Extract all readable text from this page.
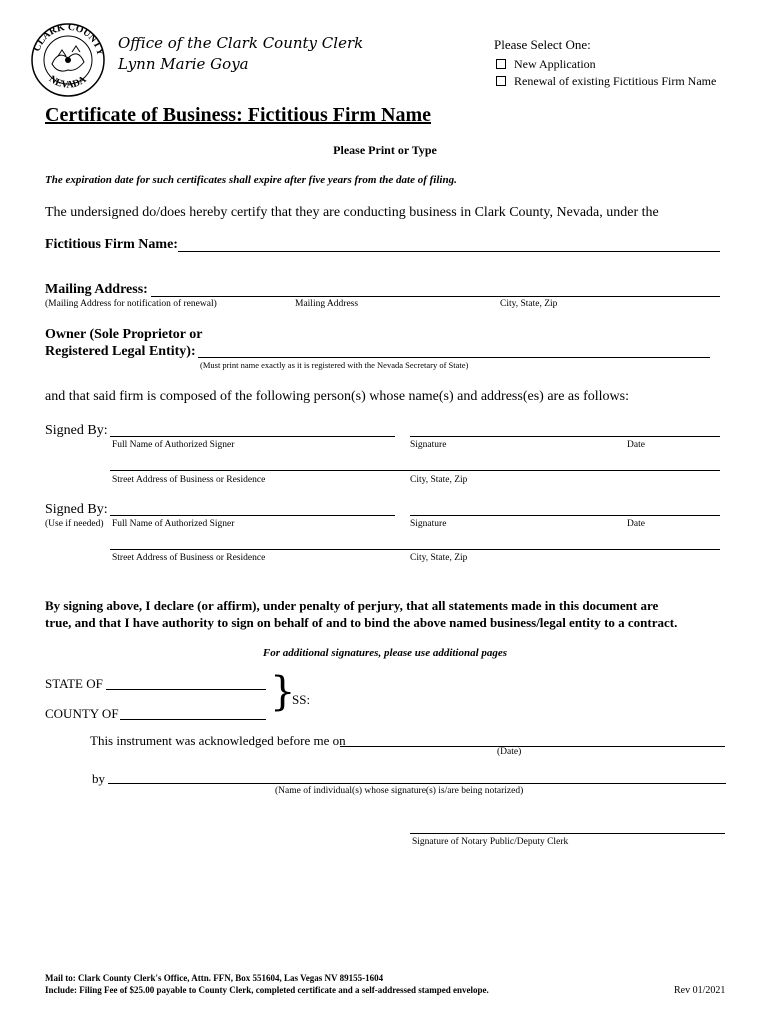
CLARK COUNTY
NEVADA
Office of the Clark County Clerk
Lynn Marie Goya
Please Select One:
New Application
Renewal of existing Fictitious Firm Name
Certificate of Business: Fictitious Firm Name
Please Print or Type
The expiration date for such certificates shall expire after five years from the date of filing.
The undersigned do/does hereby certify that they are conducting business in Clark County, Nevada, under the
Fictitious Firm Name:
Mailing Address:
(Mailing Address for notification of renewal)	Mailing Address	City, State, Zip
Owner (Sole Proprietor or
Registered Legal Entity):
(Must print name exactly as it is registered with the Nevada Secretary of State)
and that said firm is composed of the following person(s) whose name(s) and address(es) are as follows:
Signed By:
Full Name of Authorized Signer	Signature	Date
Street Address of Business or Residence	City, State, Zip
Signed By:
(Use if needed) Full Name of Authorized Signer	Signature	Date
Street Address of Business or Residence	City, State, Zip
By signing above, I declare (or affirm), under penalty of perjury, that all statements made in this document are
true, and that I have authority to sign on behalf of and to bind the above named business/legal entity to a contract.
For additional signatures, please use additional pages
STATE OF
COUNTY OF	}
SS:
This instrument was acknowledged before me on
(Date)
by
(Name of individual(s) whose signature(s) is/are being notarized)
Signature of Notary Public/Deputy Clerk
Mail to: Clark County Clerk's Office, Attn. FFN, Box 551604, Las Vegas NV 89155-1604
Include: Filing Fee of $25.00 payable to County Clerk, completed certificate and a self-addressed stamped envelope.	Rev 01/2021
